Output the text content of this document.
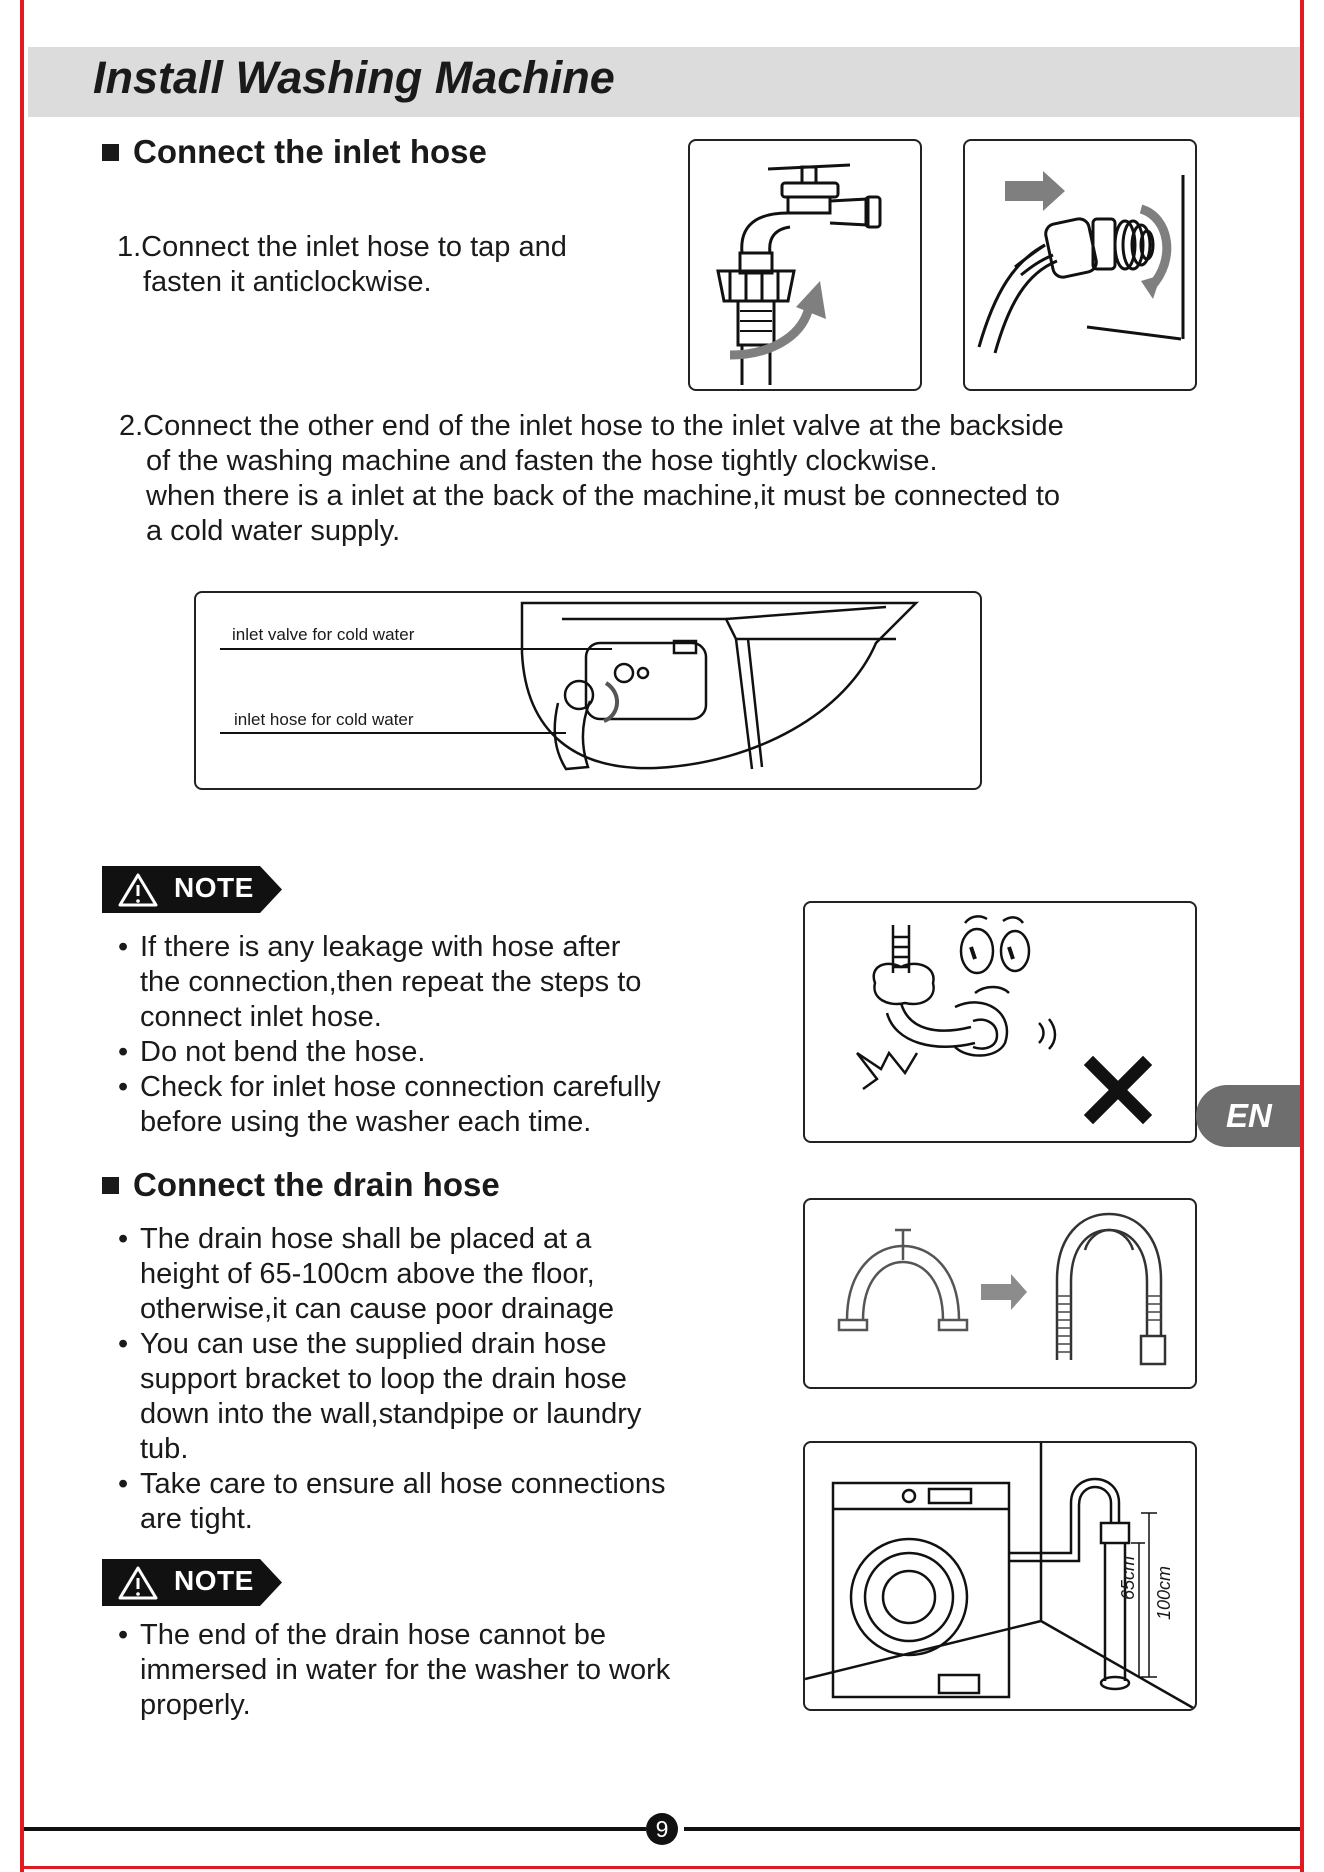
Install Washing Machine
Connect the inlet hose
1.Connect the inlet hose to tap and
fasten it anticlockwise.
2.Connect the other end of the inlet hose to the inlet valve at the backside
of the washing machine and fasten the hose tightly clockwise.
when there is a inlet at the back of the machine,it must be connected to
a cold water supply.
inlet valve for cold water
inlet hose for cold water
NOTE
• If there is any leakage with hose after
the connection,then repeat the steps to
connect inlet hose.
• Do not bend the hose.
• Check for inlet hose connection carefully
before using the washer each time.	EN
Connect the drain hose
• The drain hose shall be placed at a
height of 65-100cm above the floor,
otherwise,it can cause poor drainage
• You can use the supplied drain hose
support bracket to loop the drain hose
down into the wall,standpipe or laundry
tub.
• Take care to ensure all hose connections
are tight.
65cm 100cm
NOTE
• The end of the drain hose cannot be
immersed in water for the washer to work
properly.
9
